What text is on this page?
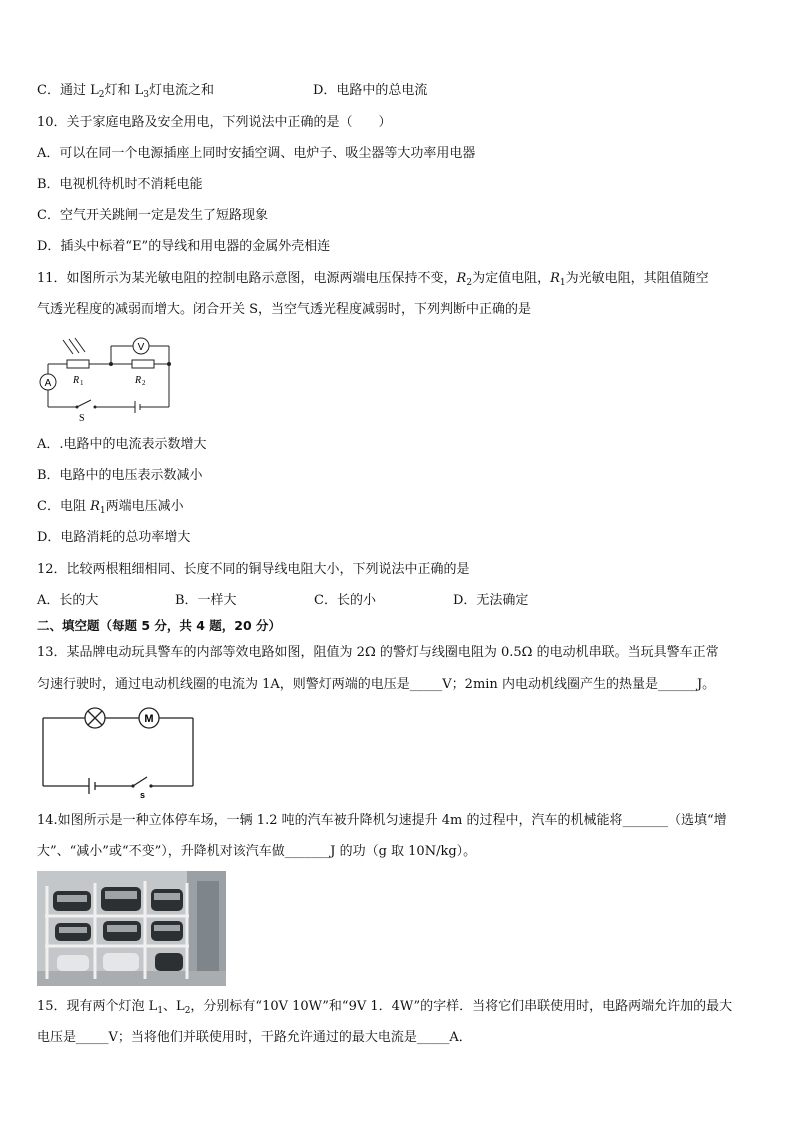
C．通过 $L_2$灯和 $L_3$灯电流之和	D．电路中的总电流
10．关于家庭电路及安全用电，下列说法中正确的是（　　）
A．可以在同一个电源插座上同时安插空调、电炉子、吸尘器等大功率用电器
B．电视机待机时不消耗电能
C．空气开关跳闸一定是发生了短路现象
D．插头中标着“E”的导线和用电器的金属外壳相连
11．如图所示为某光敏电阻的控制电路示意图，电源两端电压保持不变，$R_2$为定值电阻，$R_1$为光敏电阻，其阻值随空
气透光程度的减弱而增大。闭合开关 S，当空气透光程度减弱时，下列判断中正确的是
A
V
R 1	R 2
S
A．.电路中的电流表示数增大
B．电路中的电压表示数减小
C．电阻 $R_1$两端电压减小
D．电路消耗的总功率增大
12．比较两根粗细相同、长度不同的铜导线电阻大小，下列说法中正确的是
A．长的大	B．一样大	C．长的小	D．无法确定
二、填空题（每题 5 分，共 4 题，20 分）
13．某品牌电动玩具警车的内部等效电路如图，阻值为 2Ω 的警灯与线圈电阻为 0.5Ω 的电动机串联。当玩具警车正常
匀速行驶时，通过电动机线圈的电流为 1A，则警灯两端的电压是_____V；2min 内电动机线圈产生的热量是______J。
M
s
14.如图所示是一种立体停车场，一辆 1.2 吨的汽车被升降机匀速提升 4m 的过程中，汽车的机械能将_______（选填“增
大”、“减小”或“不变”），升降机对该汽车做_______J 的功（g 取 10N/kg）。
15．现有两个灯泡 $L_1$、$L_2$，分别标有“10V 10W”和“9V 1．4W”的字样．当将它们串联使用时，电路两端允许加的最大
电压是_____V；当将他们并联使用时，干路允许通过的最大电流是_____A．
